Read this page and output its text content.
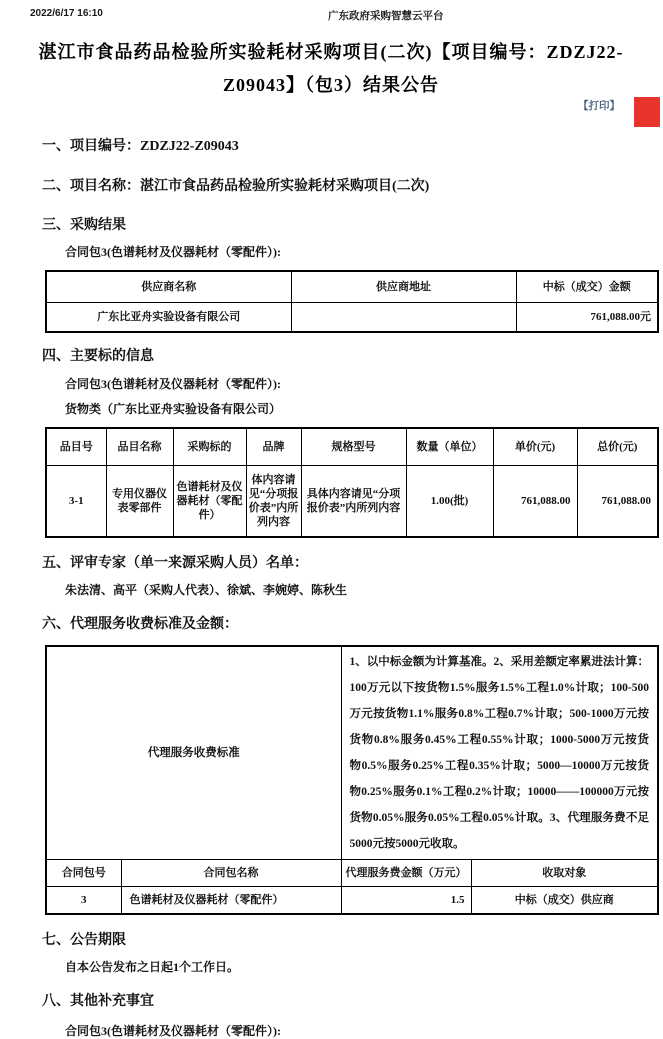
2022/6/17 16:10	广东政府采购智慧云平台
湛江市食品药品检验所实验耗材采购项目(二次)【项目编号：ZDZJ22-Z09043】（包3）结果公告
【打印】

一、项目编号：ZDZJ22-Z09043

二、项目名称：湛江市食品药品检验所实验耗材采购项目(二次)

三、采购结果

合同包3(色谱耗材及仪器耗材（零配件）):

供应商名称	供应商地址	中标（成交）金额
广东比亚舟实验设备有限公司		761,088.00元

四、主要标的信息

合同包3(色谱耗材及仪器耗材（零配件）):

货物类（广东比亚舟实验设备有限公司）

品目号	品目名称	采购标的	品牌	规格型号	数量（单位）	单价(元)	总价(元)
3-1	专用仪器仪表零部件	色谱耗材及仪器耗材（零配件）	体内容请见“分项报价表”内所列内容	具体内容请见“分项报价表”内所列内容	1.00(批)	761,088.00	761,088.00

五、评审专家（单一来源采购人员）名单：

朱法清、高平（采购人代表）、徐斌、李婉婷、陈秋生

六、代理服务收费标准及金额：

代理服务收费标准		1、以中标金额为计算基准。2、采用差额定率累进法计算：100万元以下按货物1.5%服务1.5%工程1.0%计取；100-500万元按货物1.1%服务0.8%工程0.7%计取；500-1000万元按货物0.8%服务0.45%工程0.55%计取；1000-5000万元按货物0.5%服务0.25%工程0.35%计取；5000—10000万元按货物0.25%服务0.1%工程0.2%计取；10000——100000万元按货物0.05%服务0.05%工程0.05%计取。3、代理服务费不足5000元按5000元收取。	
合同包号	合同包名称	代理服务费金额（万元）	收取对象
3	色谱耗材及仪器耗材（零配件）	1.5	中标（成交）供应商

七、公告期限

自本公告发布之日起1个工作日。

八、其他补充事宜

合同包3(色谱耗材及仪器耗材（零配件）):
